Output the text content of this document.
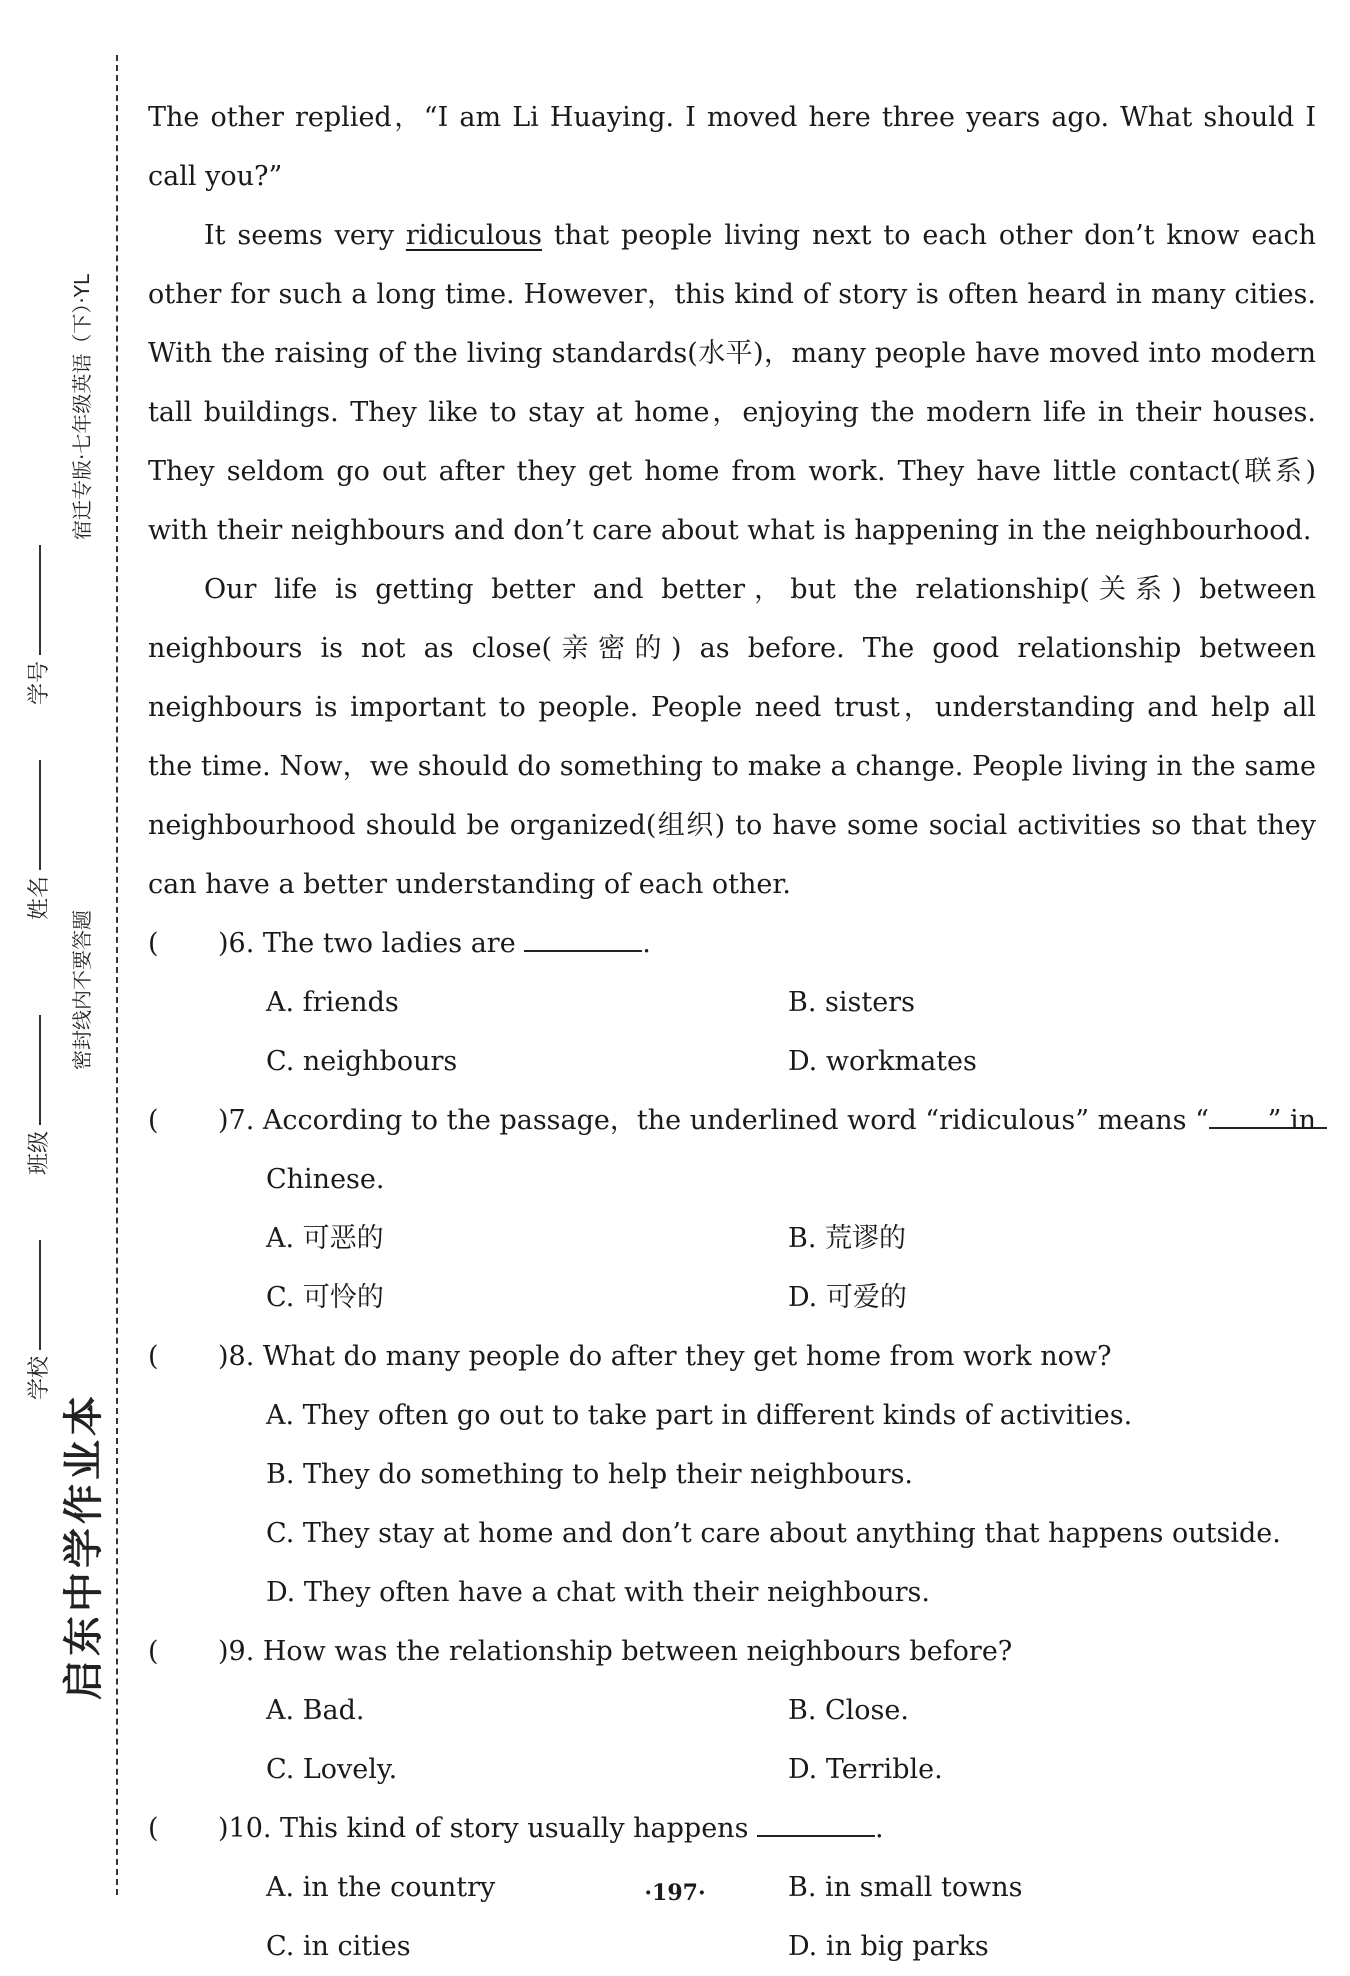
启东中学作业本
学校
班级
姓名
学号
密封线内不要答题
宿迁专版·七年级英语（下）·YL

The other replied，“I am Li Huaying. I moved here three years ago. What should I call you?”

It seems very ridiculous that people living next to each other don’t know each other for such a long time. However，this kind of story is often heard in many cities. With the raising of the living standards(水平)，many people have moved into modern tall buildings. They like to stay at home，enjoying the modern life in their houses. They seldom go out after they get home from work. They have little contact(联系) with their neighbours and don’t care about what is happening in the neighbourhood.

Our life is getting better and better，but the relationship(关系) between neighbours is not as close(亲密的) as before. The good relationship between neighbours is important to people. People need trust，understanding and help all the time. Now，we should do something to make a change. People living in the same neighbourhood should be organized(组织) to have some social activities so that they can have a better understanding of each other.

( )6. The two ladies are	.
A. friends	B. sisters
C. neighbours	D. workmates
( )7. According to the passage，the underlined word “ridiculous” means “ ” in
Chinese.
A. 可恶的	B. 荒谬的
C. 可怜的	D. 可爱的
( )8. What do many people do after they get home from work now?
A. They often go out to take part in different kinds of activities.
B. They do something to help their neighbours.
C. They stay at home and don’t care about anything that happens outside.
D. They often have a chat with their neighbours.
( )9. How was the relationship between neighbours before?
A. Bad.	B. Close.
C. Lovely.	D. Terrible.
( )10. This kind of story usually happens	.
A. in the country	B. in small towns
C. in cities	D. in big parks
·197·
